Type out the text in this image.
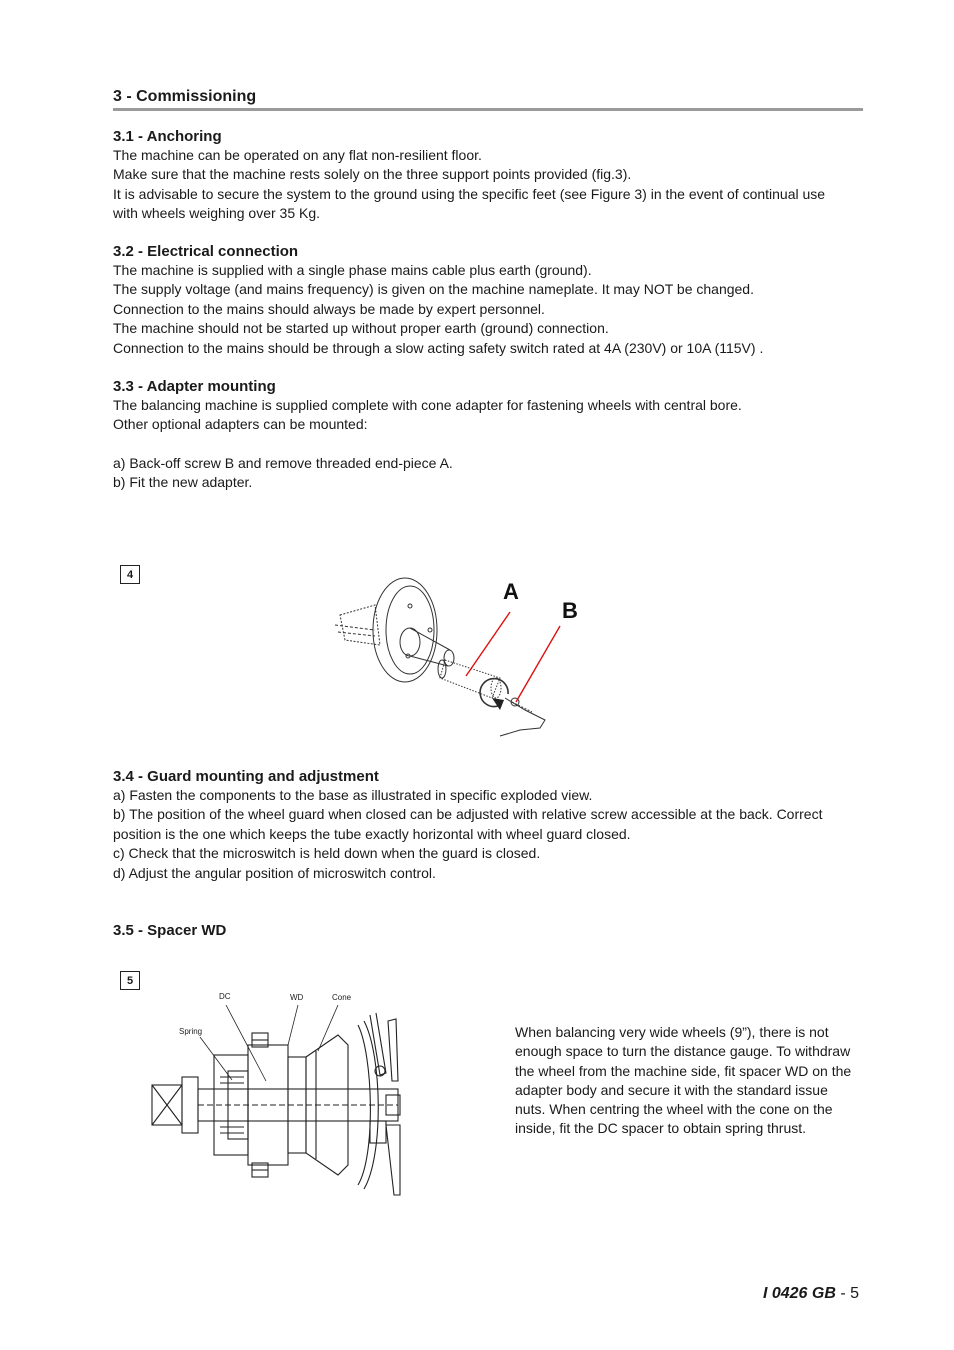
3 - Commissioning
3.1 - Anchoring
The machine can be operated on any flat non-resilient floor.
Make sure that the machine rests solely on the three support points provided (fig.3).
It is advisable to secure the system to the ground using the specific feet (see Figure 3) in the event of continual use
with wheels weighing over 35 Kg.
3.2 - Electrical connection
The machine is supplied with a single phase mains cable plus earth (ground).
The supply voltage (and mains frequency) is given on the machine nameplate. It may NOT be changed.
Connection to the mains should always be made by expert personnel.
The machine should not be started up without proper earth (ground) connection.
Connection to the mains should be through a slow acting safety switch rated at 4A (230V) or 10A (115V) .
3.3 - Adapter mounting
The balancing machine is supplied complete with cone adapter for fastening wheels with central bore.
Other optional adapters can be mounted:
a) Back-off screw B and remove threaded end-piece A.
b) Fit the new adapter.
4
A
B
3.4 - Guard mounting and adjustment
a) Fasten the components to the base as illustrated in specific exploded view.
b) The position of the wheel guard when closed can be adjusted with relative screw accessible at the back. Correct
position is the one which keeps the tube exactly horizontal with wheel guard closed.
c) Check that the microswitch is held down when the guard is closed.
d) Adjust the angular position of microswitch control.
3.5 - Spacer WD
5
DC	WD	Cone
Spring	When balancing very wide wheels (9”), there is not
enough space to turn the distance gauge. To withdraw
the wheel from the machine side, fit spacer WD on the
adapter body and secure it with the standard issue
nuts. When centring the wheel with the cone on the
inside, fit the DC spacer to obtain spring thrust.
I 0426 GB - 5
